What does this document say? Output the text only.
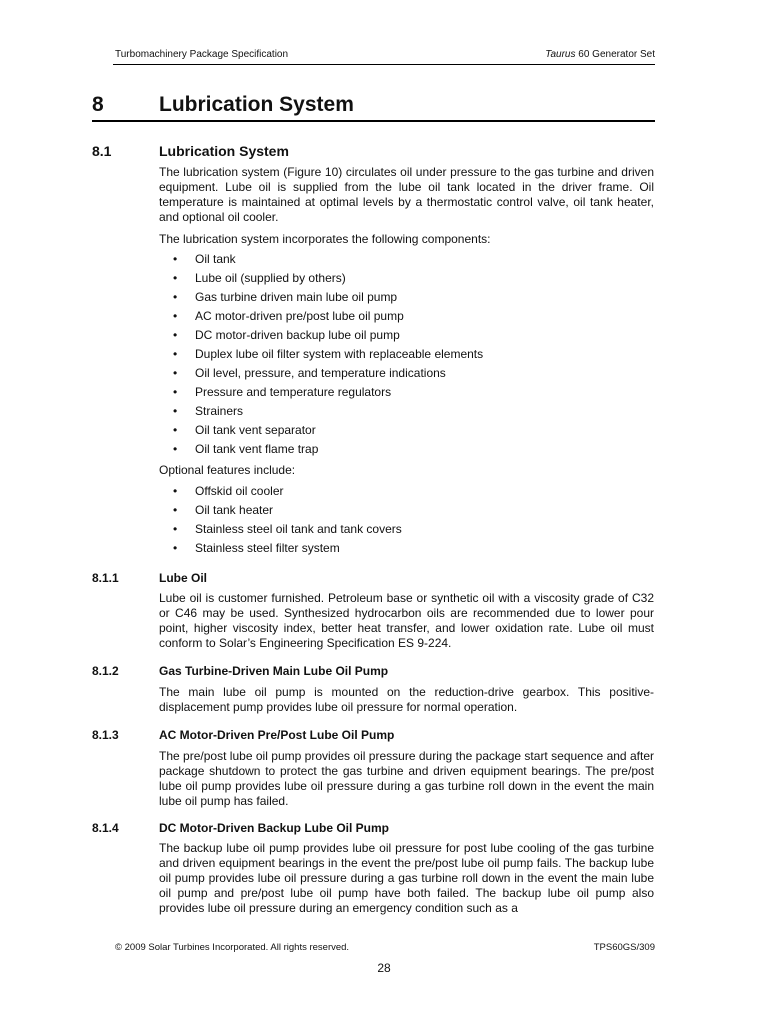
Turbomachinery Package Specification	Taurus 60 Generator Set
8	Lubrication System
8.1	Lubrication System
The lubrication system (Figure 10) circulates oil under pressure to the gas turbine and driven equipment. Lube oil is supplied from the lube oil tank located in the driver frame. Oil temperature is maintained at optimal levels by a thermostatic control valve, oil tank heater, and optional oil cooler.
The lubrication system incorporates the following components:
• Oil tank
• Lube oil (supplied by others)
• Gas turbine driven main lube oil pump
• AC motor-driven pre/post lube oil pump
• DC motor-driven backup lube oil pump
• Duplex lube oil filter system with replaceable elements
• Oil level, pressure, and temperature indications
• Pressure and temperature regulators
• Strainers
• Oil tank vent separator
• Oil tank vent flame trap
Optional features include:
• Offskid oil cooler
• Oil tank heater
• Stainless steel oil tank and tank covers
• Stainless steel filter system
8.1.1	Lube Oil
Lube oil is customer furnished. Petroleum base or synthetic oil with a viscosity grade of C32 or C46 may be used. Synthesized hydrocarbon oils are recommended due to lower pour point, higher viscosity index, better heat transfer, and lower oxidation rate. Lube oil must conform to Solar’s Engineering Specification ES 9-224.
8.1.2	Gas Turbine-Driven Main Lube Oil Pump
The main lube oil pump is mounted on the reduction-drive gearbox. This positive-displacement pump provides lube oil pressure for normal operation.
8.1.3	AC Motor-Driven Pre/Post Lube Oil Pump
The pre/post lube oil pump provides oil pressure during the package start sequence and after package shutdown to protect the gas turbine and driven equipment bearings. The pre/post lube oil pump provides lube oil pressure during a gas turbine roll down in the event the main lube oil pump has failed.
8.1.4	DC Motor-Driven Backup Lube Oil Pump
The backup lube oil pump provides lube oil pressure for post lube cooling of the gas turbine and driven equipment bearings in the event the pre/post lube oil pump fails. The backup lube oil pump provides lube oil pressure during a gas turbine roll down in the event the main lube oil pump and pre/post lube oil pump have both failed. The backup lube oil pump also provides lube oil pressure during an emergency condition such as a
© 2009 Solar Turbines Incorporated. All rights reserved.	TPS60GS/309
28
